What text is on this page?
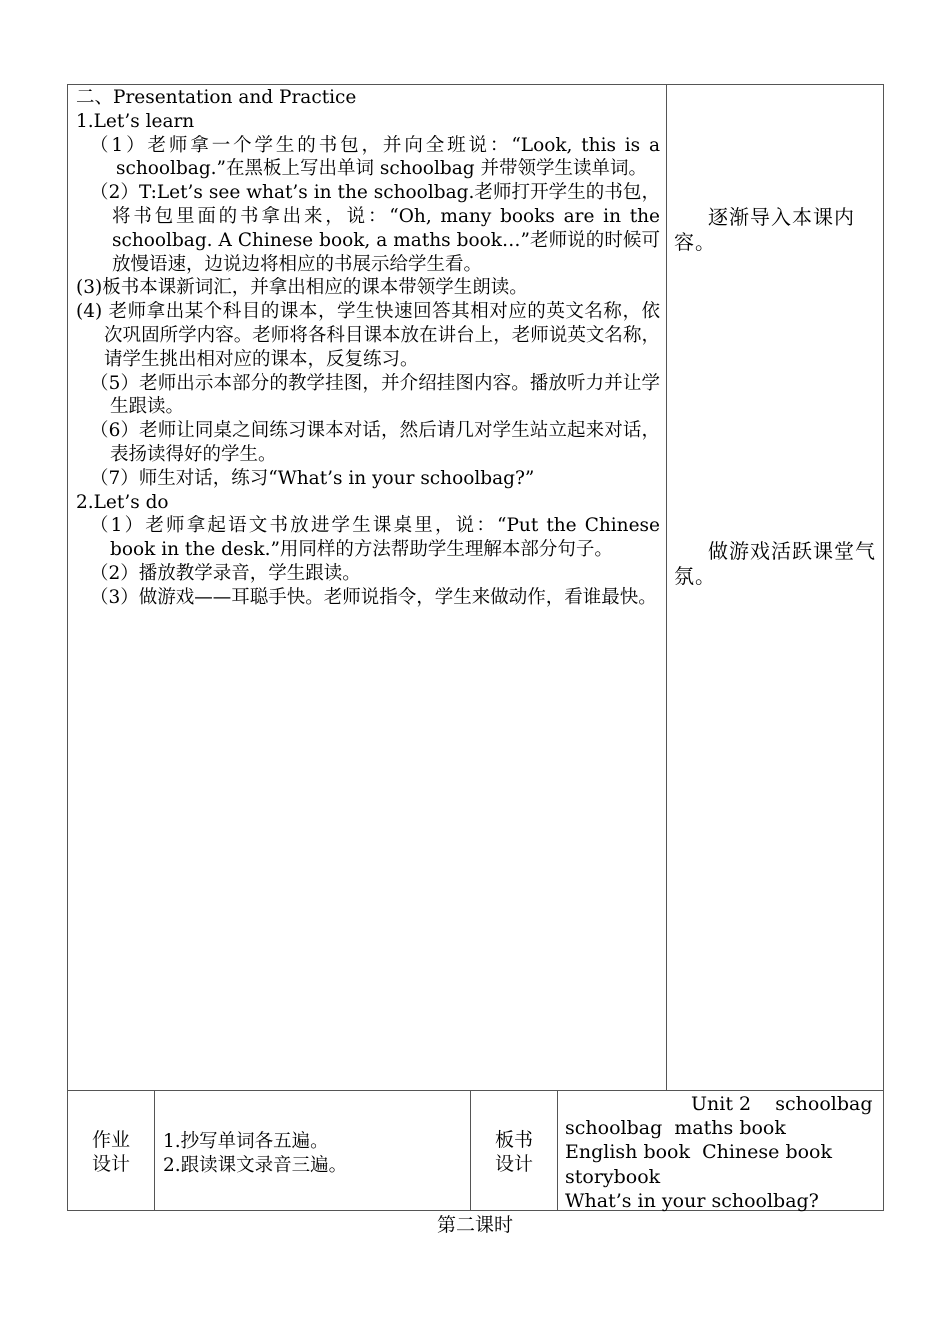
二、Presentation and Practice

1.Let’s learn

（1）老师拿一个学生的书包，并向全班说：“Look, this is a schoolbag.”在黑板上写出单词 schoolbag 并带领学生读单词。

（2）T:Let’s see what’s in the schoolbag.老师打开学生的书包，将书包里面的书拿出来，说：“Oh, many books are in the schoolbag. A Chinese book, a maths book…”老师说的时候可放慢语速，边说边将相应的书展示给学生看。

(3)板书本课新词汇，并拿出相应的课本带领学生朗读。

(4) 老师拿出某个科目的课本，学生快速回答其相对应的英文名称，依次巩固所学内容。老师将各科目课本放在讲台上，老师说英文名称，请学生挑出相对应的课本，反复练习。

（5）老师出示本部分的教学挂图，并介绍挂图内容。播放听力并让学生跟读。

（6）老师让同桌之间练习课本对话，然后请几对学生站立起来对话，表扬读得好的学生。

（7）师生对话，练习“What’s in your schoolbag?”

2.Let’s do

（1）老师拿起语文书放进学生课桌里，说：“Put the Chinese book in the desk.”用同样的方法帮助学生理解本部分句子。

（2）播放教学录音，学生跟读。

（3）做游戏——耳聪手快。老师说指令，学生来做动作，看谁最快。

逐渐导入本课内容。
做游戏活跃课堂气氛。
作业
设计

1.抄写单词各五遍。

2.跟读课文录音三遍。

板书
设计

Unit 2    schoolbag

schoolbag  maths book

English book  Chinese book

storybook

What’s in your schoolbag?

第二课时
